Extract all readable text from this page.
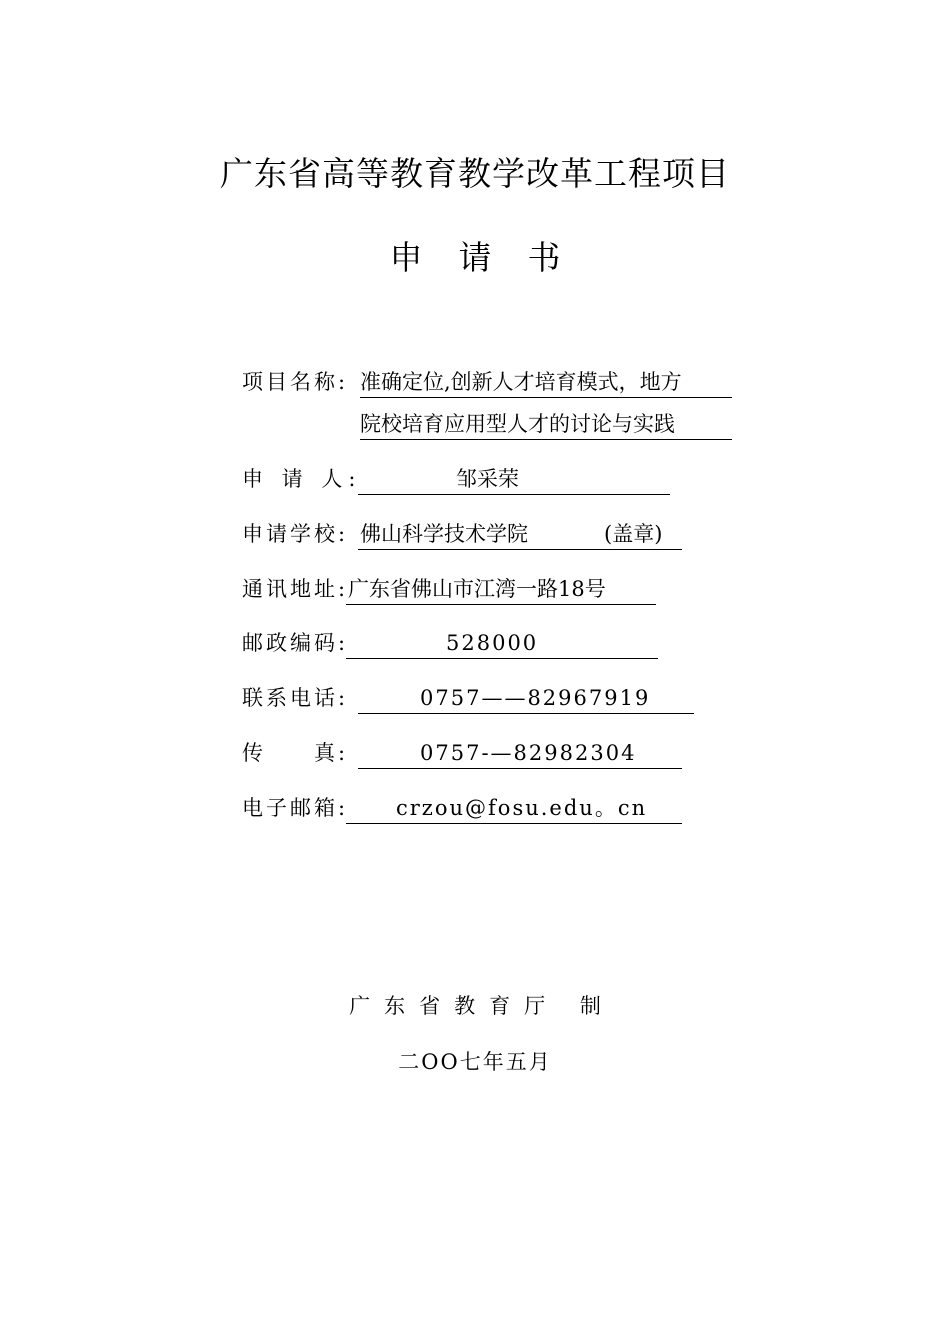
广东省高等教育教学改革工程项目
申请书
项目名称: 准确定位,创新人才培育模式，地方
院校培育应用型人才的讨论与实践
申 请 人:	邹采荣
申请学校: 佛山科学技术学院	(盖章)
通讯地址: 广东省佛山市江湾一路18号
邮政编码:	528000
联系电话:	0757——82967919
传　　真:	0757-—82982304
电子邮箱: crzou@fosu.edu。cn
广东省教育厅 制
二OO七年五月
